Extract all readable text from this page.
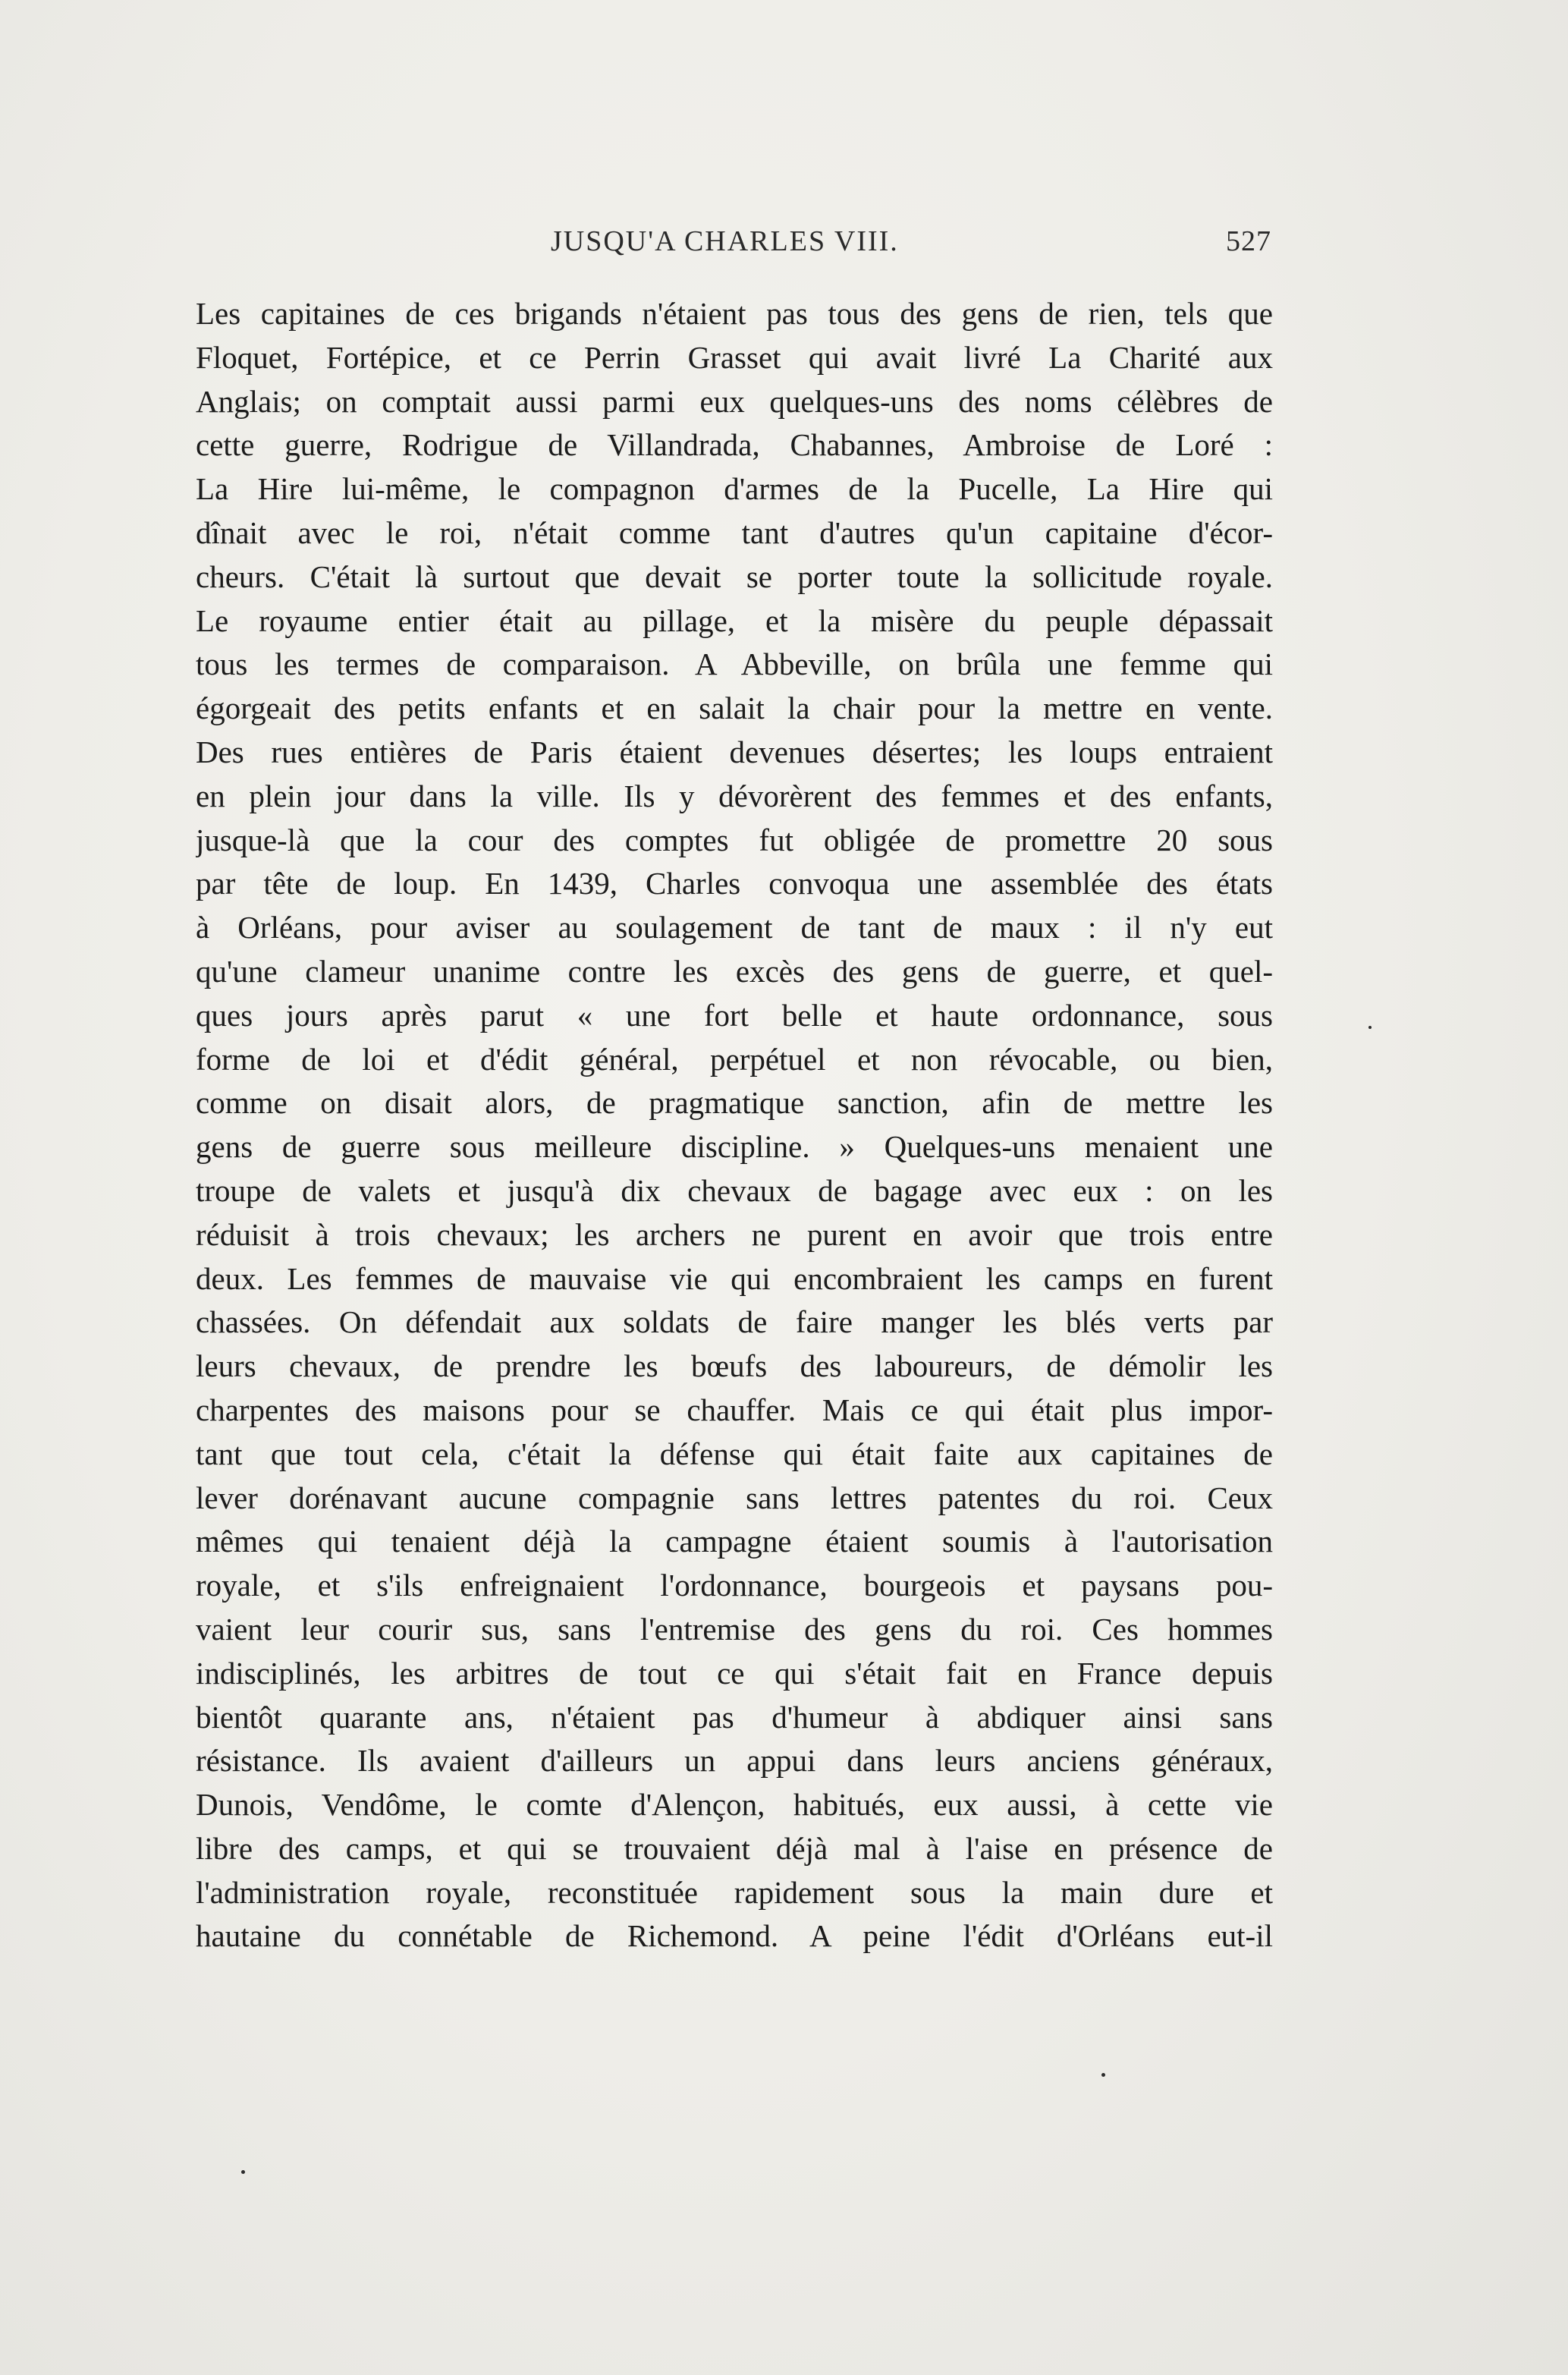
JUSQU'A CHARLES VIII.	527
Les capitaines de ces brigands n'étaient pas tous des gens de rien, tels que
Floquet, Fortépice, et ce Perrin Grasset qui avait livré La Charité aux
Anglais; on comptait aussi parmi eux quelques-uns des noms célèbres de
cette guerre, Rodrigue de Villandrada, Chabannes, Ambroise de Loré :
La Hire lui-même, le compagnon d'armes de la Pucelle, La Hire qui
dînait avec le roi, n'était comme tant d'autres qu'un capitaine d'écor-
cheurs. C'était là surtout que devait se porter toute la sollicitude royale.
Le royaume entier était au pillage, et la misère du peuple dépassait
tous les termes de comparaison. A Abbeville, on brûla une femme qui
égorgeait des petits enfants et en salait la chair pour la mettre en vente.
Des rues entières de Paris étaient devenues désertes; les loups entraient
en plein jour dans la ville. Ils y dévorèrent des femmes et des enfants,
jusque-là que la cour des comptes fut obligée de promettre 20 sous
par tête de loup. En 1439, Charles convoqua une assemblée des états
à Orléans, pour aviser au soulagement de tant de maux : il n'y eut
qu'une clameur unanime contre les excès des gens de guerre, et quel-
ques jours après parut « une fort belle et haute ordonnance, sous
forme de loi et d'édit général, perpétuel et non révocable, ou bien,
comme on disait alors, de pragmatique sanction, afin de mettre les
gens de guerre sous meilleure discipline. » Quelques-uns menaient une
troupe de valets et jusqu'à dix chevaux de bagage avec eux : on les
réduisit à trois chevaux; les archers ne purent en avoir que trois entre
deux. Les femmes de mauvaise vie qui encombraient les camps en furent
chassées. On défendait aux soldats de faire manger les blés verts par
leurs chevaux, de prendre les bœufs des laboureurs, de démolir les
charpentes des maisons pour se chauffer. Mais ce qui était plus impor-
tant que tout cela, c'était la défense qui était faite aux capitaines de
lever dorénavant aucune compagnie sans lettres patentes du roi. Ceux
mêmes qui tenaient déjà la campagne étaient soumis à l'autorisation
royale, et s'ils enfreignaient l'ordonnance, bourgeois et paysans pou-
vaient leur courir sus, sans l'entremise des gens du roi. Ces hommes
indisciplinés, les arbitres de tout ce qui s'était fait en France depuis
bientôt quarante ans, n'étaient pas d'humeur à abdiquer ainsi sans
résistance. Ils avaient d'ailleurs un appui dans leurs anciens généraux,
Dunois, Vendôme, le comte d'Alençon, habitués, eux aussi, à cette vie
libre des camps, et qui se trouvaient déjà mal à l'aise en présence de
l'administration royale, reconstituée rapidement sous la main dure et
hautaine du connétable de Richemond. A peine l'édit d'Orléans eut-il
